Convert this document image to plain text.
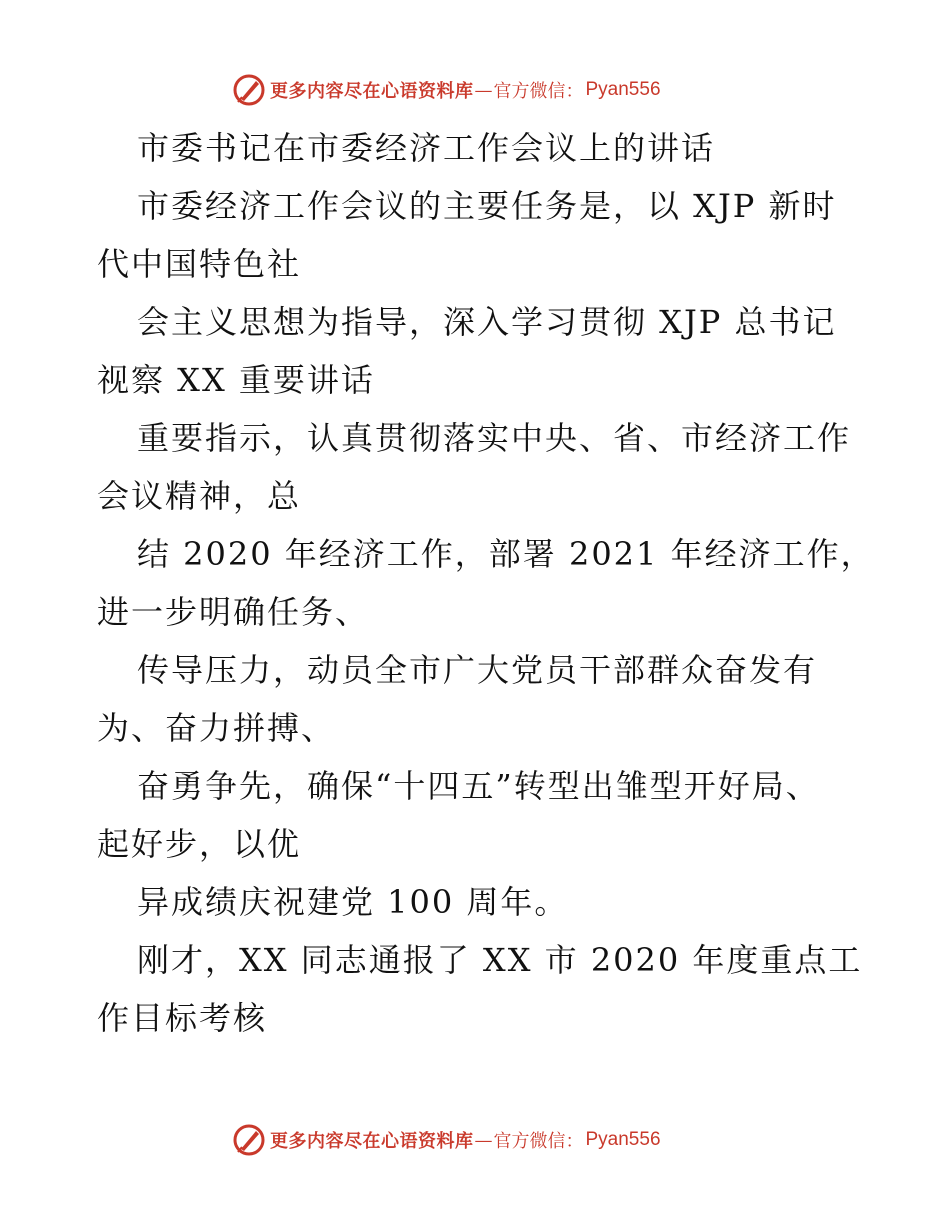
更多内容尽在心语资料库 — 官方微信： Pyan556
市委书记在市委经济工作会议上的讲话
市委经济工作会议的主要任务是，以 XJP 新时
代中国特色社
会主义思想为指导，深入学习贯彻 XJP 总书记
视察 XX 重要讲话
重要指示，认真贯彻落实中央、省、市经济工作
会议精神，总
结 2020 年经济工作，部署 2021 年经济工作，
进一步明确任务、
传导压力，动员全市广大党员干部群众奋发有
为、奋力拼搏、
奋勇争先，确保“十四五”转型出雏型开好局、
起好步，以优
异成绩庆祝建党 100 周年。
刚才，XX 同志通报了 XX 市 2020 年度重点工
作目标考核
更多内容尽在心语资料库 — 官方微信： Pyan556
